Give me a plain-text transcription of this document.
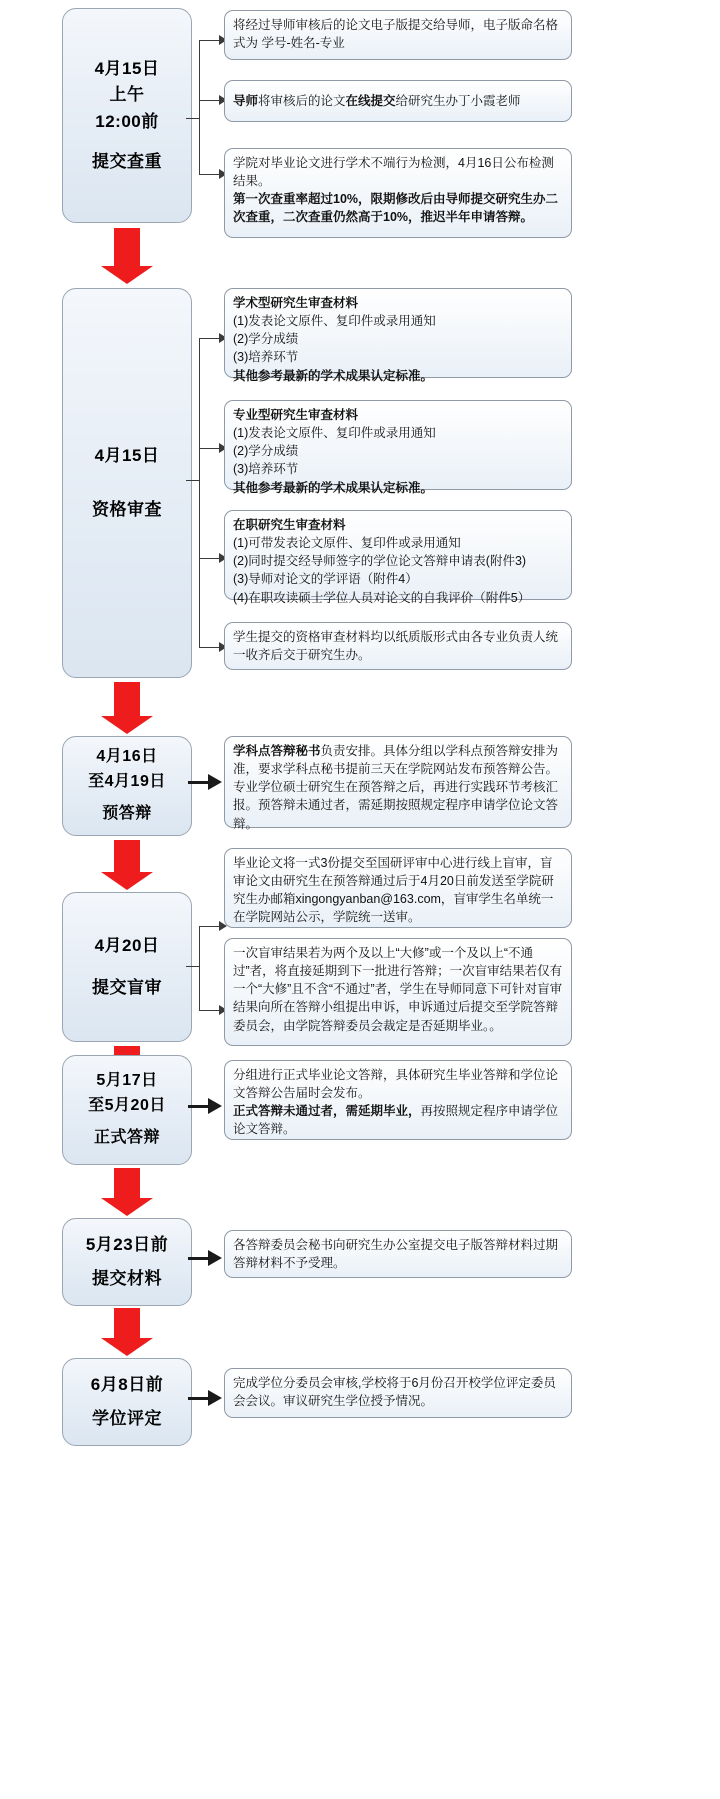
4月15日
上午
12:00前
提交查重
将经过导师审核后的论文电子版提交给导师，电子版命名格式为 学号-姓名-专业
导师 将审核后的论文 在线提交 给研究生办丁小霞老师
学院对毕业论文进行学术不端行为检测，4月16日公布检测结果。
第一次查重率超过10%，限期修改后由导师提交研究生办二次查重，二次查重仍然高于10%，推迟半年申请答辩。
4月15日
资格审查
学术型研究生审查材料
(1)发表论文原件、复印件或录用通知
(2)学分成绩
(3)培养环节
其他参考最新的学术成果认定标准。
专业型研究生审查材料
(1)发表论文原件、复印件或录用通知
(2)学分成绩
(3)培养环节
其他参考最新的学术成果认定标准。
在职研究生审查材料
(1)可带发表论文原件、复印件或录用通知
(2)同时提交经导师签字的学位论文答辩申请表(附件3)
(3)导师对论文的学评语（附件4）
(4)在职攻读硕士学位人员对论文的自我评价（附件5）
学生提交的资格审查材料均以纸质版形式由各专业负责人统一收齐后交于研究生办。
4月16日
至4月19日
预答辩
学科点答辩秘书负责安排。具体分组以学科点预答辩安排为准，要求学科点秘书提前三天在学院网站发布预答辩公告。专业学位硕士研究生在预答辩之后，再进行实践环节考核汇报。预答辩未通过者，需延期按照规定程序申请学位论文答辩。
4月20日
提交盲审
毕业论文将一式3份提交至国研评审中心进行线上盲审，盲审论文由研究生在预答辩通过后于4月20日前发送至学院研究生办邮箱xingongyanban@163.com，盲审学生名单统一在学院网站公示，学院统一送审。
一次盲审结果若为两个及以上“大修”或一个及以上“不通过”者，将直接延期到下一批进行答辩；一次盲审结果若仅有一个“大修”且不含“不通过”者，学生在导师同意下可针对盲审结果向所在答辩小组提出申诉，申诉通过后提交至学院答辩委员会，由学院答辩委员会裁定是否延期毕业。。
5月17日
至5月20日
正式答辩
分组进行正式毕业论文答辩，具体研究生毕业答辩和学位论文答辩公告届时会发布。
正式答辩未通过者，需延期毕业，再按照规定程序申请学位论文答辩。
5月23日前
提交材料
各答辩委员会秘书向研究生办公室提交电子版答辩材料过期答辩材料不予受理。
6月8日前
学位评定
完成学位分委员会审核,学校将于6月份召开校学位评定委员会会议。审议研究生学位授予情况。
